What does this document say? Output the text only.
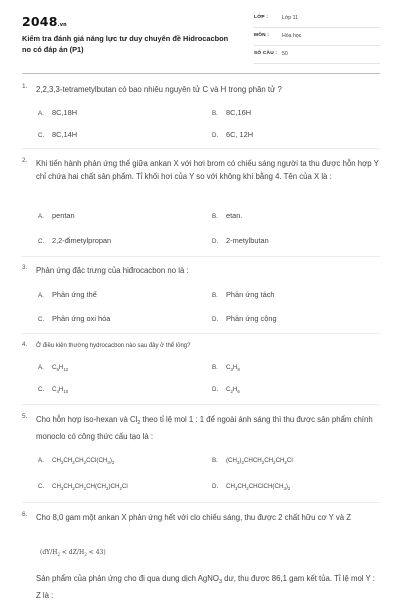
2048.vn
Kiểm tra đánh giá năng lực tư duy chuyên đề Hidrocacbon no có đáp án (P1)
LỚP :	Lớp 11
MÔN : Hóa học
SỐ CÂU : 50
1. 2,2,3,3-tetrametylbutan có bao nhiêu nguyên tử C và H trong phân tử ?
A. 8C,18H	B. 8C,16H
C. 8C,14H	D. 6C, 12H
2. Khi tiến hành phản ứng thế giữa ankan X với hơi brom có chiếu sáng người ta thu được hỗn hợp Y chỉ chứa hai chất sản phẩm. Tỉ khối hơi của Y so với không khí bằng 4. Tên của X là :
A. pentan	B. etan.
C. 2,2-đimetylpropan	D. 2-metylbutan
3. Phản ứng đặc trưng của hiđrocacbon no là :
A. Phản ứng thế	B. Phản ứng tách
C. Phản ứng oxi hóa	D. Phản ứng cộng
4. Ở điều kiện thường hydrocacbon nào sau đây ở thể lỏng?
A. $C_5H_{12}$	B. $C_3H_8$
C. $C_4H_{10}$	D. $C_2H_6$
5. Cho hỗn hợp iso-hexan và $Cl_2$ theo tỉ lệ mol 1 : 1 để ngoài ánh sáng thì thu được sản phẩm chính monoclo có công thức cấu tạo là :
A. $CH_3CH_2CH_2CCl(CH_3)_2$	B. $(CH_3)_2CHCH_2CH_2CH_2Cl$
C. $CH_3CH_2CH_2CH(CH_3)CH_2Cl$	D. $CH_3CH_2CHClCH(CH_3)_2$
6. Cho 8,0 gam một ankan X phản ứng hết với clo chiếu sáng, thu được 2 chất hữu cơ Y và Z
$(dY/H_2 < dZ/H_2 < 43)$
Sản phẩm của phản ứng cho đi qua dung dịch AgNO$_3$ dư, thu được 86,1 gam kết tủa. Tỉ lệ mol Y : Z là :
